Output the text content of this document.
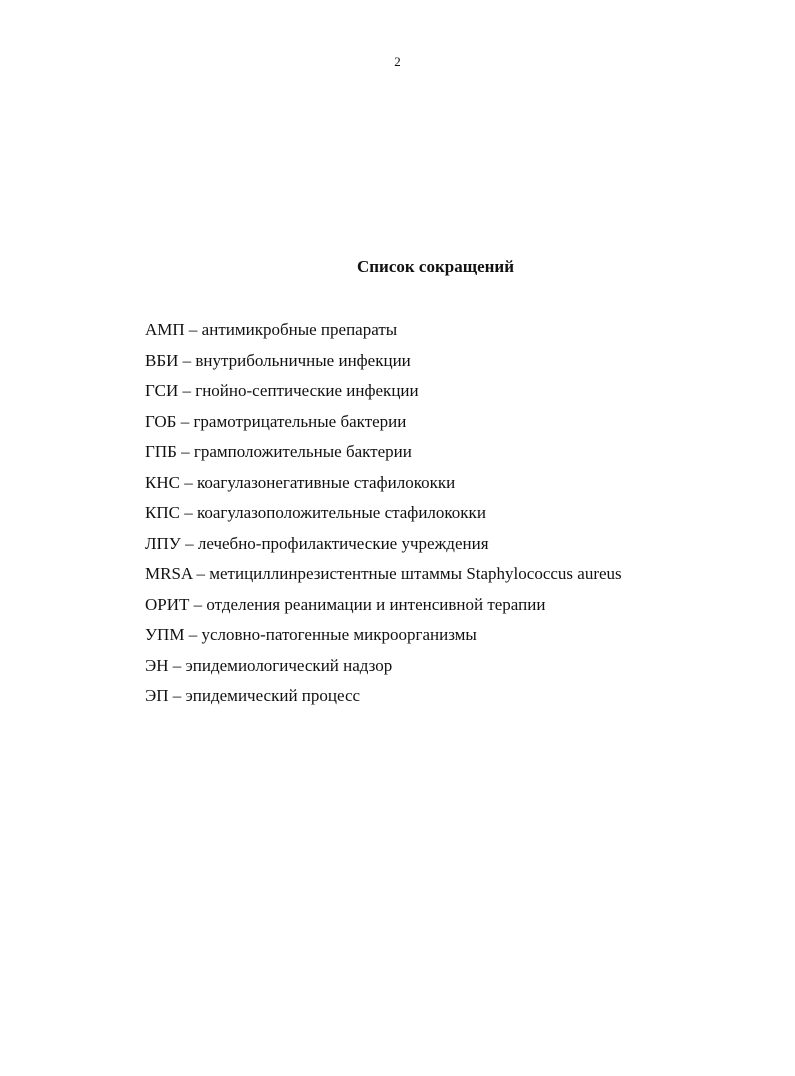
2
Список сокращений
АМП – антимикробные препараты
ВБИ – внутрибольничные инфекции
ГСИ – гнойно-септические инфекции
ГОБ – грамотрицательные бактерии
ГПБ – грамположительные бактерии
КНС – коагулазонегативные стафилококки
КПС – коагулазоположительные стафилококки
ЛПУ – лечебно-профилактические учреждения
MRSA – метициллинрезистентные штаммы Staphylococcus aureus
ОРИТ – отделения реанимации и интенсивной терапии
УПМ – условно-патогенные микроорганизмы
ЭН – эпидемиологический надзор
ЭП – эпидемический процесс
